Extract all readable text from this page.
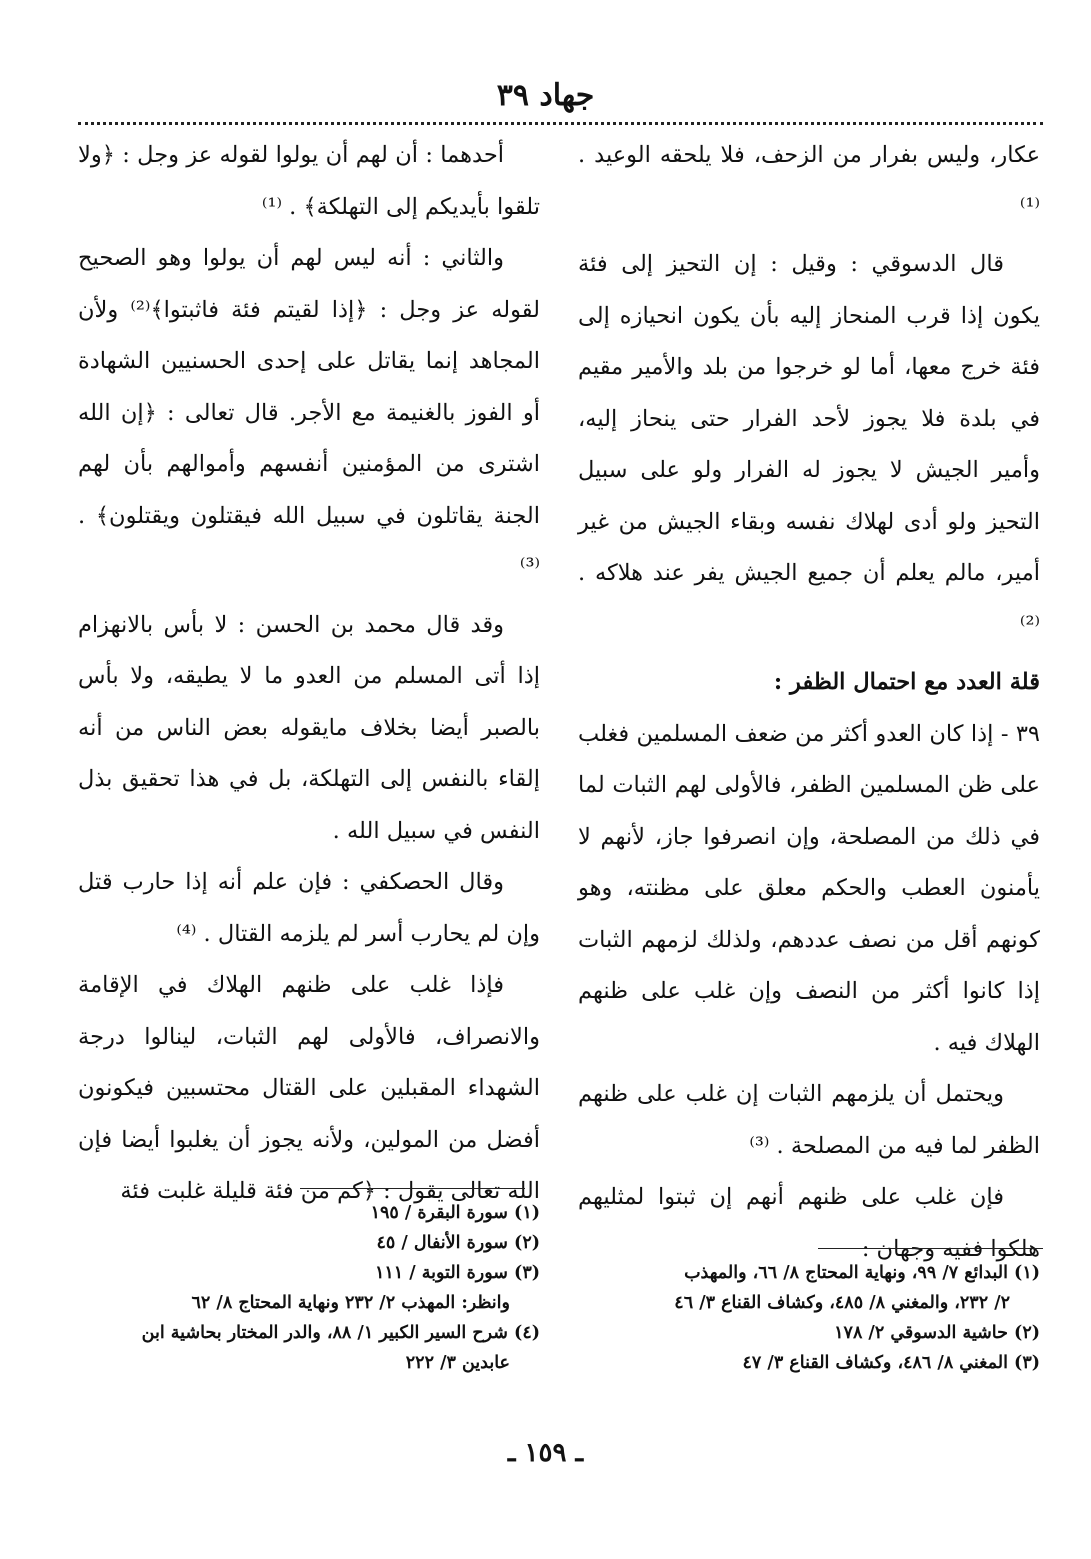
جهاد ٣٩

عكار، وليس بفرار من الزحف، فلا يلحقه الوعيد . ⁽¹⁾

قال الدسوقي : وقيل : إن التحيز إلى فئة يكون إذا قرب المنحاز إليه بأن يكون انحيازه إلى فئة خرج معها، أما لو خرجوا من بلد والأمير مقيم في بلدة فلا يجوز لأحد الفرار حتى ينحاز إليه، وأمير الجيش لا يجوز له الفرار ولو على سبيل التحيز ولو أدى لهلاك نفسه وبقاء الجيش من غير أمير، مالم يعلم أن جميع الجيش يفر عند هلاكه . ⁽²⁾

قلة العدد مع احتمال الظفر :

٣٩ - إذا كان العدو أكثر من ضعف المسلمين فغلب على ظن المسلمين الظفر، فالأولى لهم الثبات لما في ذلك من المصلحة، وإن انصرفوا جاز، لأنهم لا يأمنون العطب والحكم معلق على مظنته، وهو كونهم أقل من نصف عددهم، ولذلك لزمهم الثبات إذا كانوا أكثر من النصف وإن غلب على ظنهم الهلاك فيه .

ويحتمل أن يلزمهم الثبات إن غلب على ظنهم الظفر لما فيه من المصلحة . ⁽³⁾

فإن غلب على ظنهم أنهم إن ثبتوا لمثليهم هلكوا ففيه وجهان :

أحدهما : أن لهم أن يولوا لقوله عز وجل : ﴿ولا تلقوا بأيديكم إلى التهلكة﴾ . ⁽¹⁾

والثاني : أنه ليس لهم أن يولوا وهو الصحيح لقوله عز وجل : ﴿إذا لقيتم فئة فاثبتوا﴾⁽²⁾ ولأن المجاهد إنما يقاتل على إحدى الحسنيين الشهادة أو الفوز بالغنيمة مع الأجر. قال تعالى : ﴿إن الله اشترى من المؤمنين أنفسهم وأموالهم بأن لهم الجنة يقاتلون في سبيل الله فيقتلون ويقتلون﴾ . ⁽³⁾

وقد قال محمد بن الحسن : لا بأس بالانهزام إذا أتى المسلم من العدو ما لا يطيقه، ولا بأس بالصبر أيضا بخلاف مايقوله بعض الناس من أنه إلقاء بالنفس إلى التهلكة، بل في هذا تحقيق بذل النفس في سبيل الله .

وقال الحصكفي : فإن علم أنه إذا حارب قتل وإن لم يحارب أسر لم يلزمه القتال . ⁽⁴⁾

فإذا غلب على ظنهم الهلاك في الإقامة والانصراف، فالأولى لهم الثبات، لينالوا درجة الشهداء المقبلين على القتال محتسبين فيكونون أفضل من المولين، ولأنه يجوز أن يغلبوا أيضا فإن الله تعالى يقول : ﴿كم من فئة قليلة غلبت فئة

(١) البدائع ٧/ ٩٩، ونهاية المحتاج ٨/ ٦٦، والمهذب

٢/ ٢٣٢، والمغني ٨/ ٤٨٥، وكشاف القناع ٣/ ٤٦

(٢) حاشية الدسوقي ٢/ ١٧٨

(٣) المغني ٨/ ٤٨٦، وكشاف القناع ٣/ ٤٧

(١) سورة البقرة / ١٩٥

(٢) سورة الأنفال / ٤٥

(٣) سورة التوبة / ١١١

وانظر: المهذب ٢/ ٢٣٢ ونهاية المحتاج ٨/ ٦٢

(٤) شرح السير الكبير ١/ ٨٨، والدر المختار بحاشية ابن

عابدين ٣/ ٢٢٢

ـ ١٥٩ ـ
